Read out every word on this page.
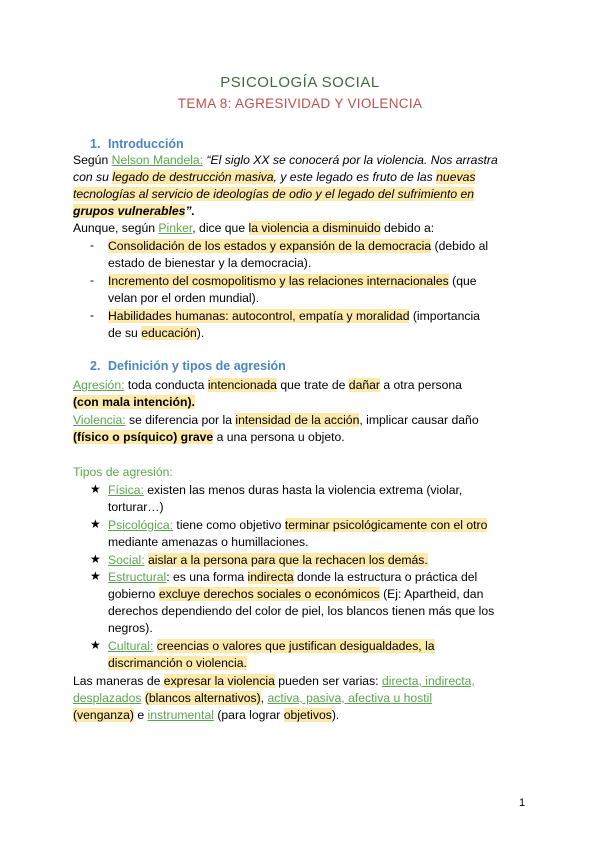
PSICOLOGÍA SOCIAL
TEMA 8: AGRESIVIDAD Y VIOLENCIA
1. Introducción
Según Nelson Mandela: “El siglo XX se conocerá por la violencia. Nos arrastra
con su legado de destrucción masiva, y este legado es fruto de las nuevas
tecnologías al servicio de ideologías de odio y el legado del sufrimiento en
grupos vulnerables”.
Aunque, según Pinker, dice que la violencia a disminuido debido a:
- Consolidación de los estados y expansión de la democracia (debido al
estado de bienestar y la democracia).
- Incremento del cosmopolitismo y las relaciones internacionales (que
velan por el orden mundial).
- Habilidades humanas: autocontrol, empatía y moralidad (importancia
de su educación).
2. Definición y tipos de agresión
Agresión: toda conducta intencionada que trate de dañar a otra persona
(con mala intención).
Violencia: se diferencia por la intensidad de la acción, implicar causar daño
(físico o psíquico) grave a una persona u objeto.
Tipos de agresión:
★ Física: existen las menos duras hasta la violencia extrema (violar,
torturar…)
★ Psicológica: tiene como objetivo terminar psicológicamente con el otro
mediante amenazas o humillaciones.
★ Social: aislar a la persona para que la rechacen los demás.
★ Estructural: es una forma indirecta donde la estructura o práctica del
gobierno excluye derechos sociales o económicos (Ej: Apartheid, dan
derechos dependiendo del color de piel, los blancos tienen más que los
negros).
★ Cultural: creencias o valores que justifican desigualdades, la
discrimanción o violencia.
Las maneras de expresar la violencia pueden ser varias: directa, indirecta,
desplazados (blancos alternativos), activa, pasiva, afectiva u hostil
(venganza) e instrumental (para lograr objetivos).
1
